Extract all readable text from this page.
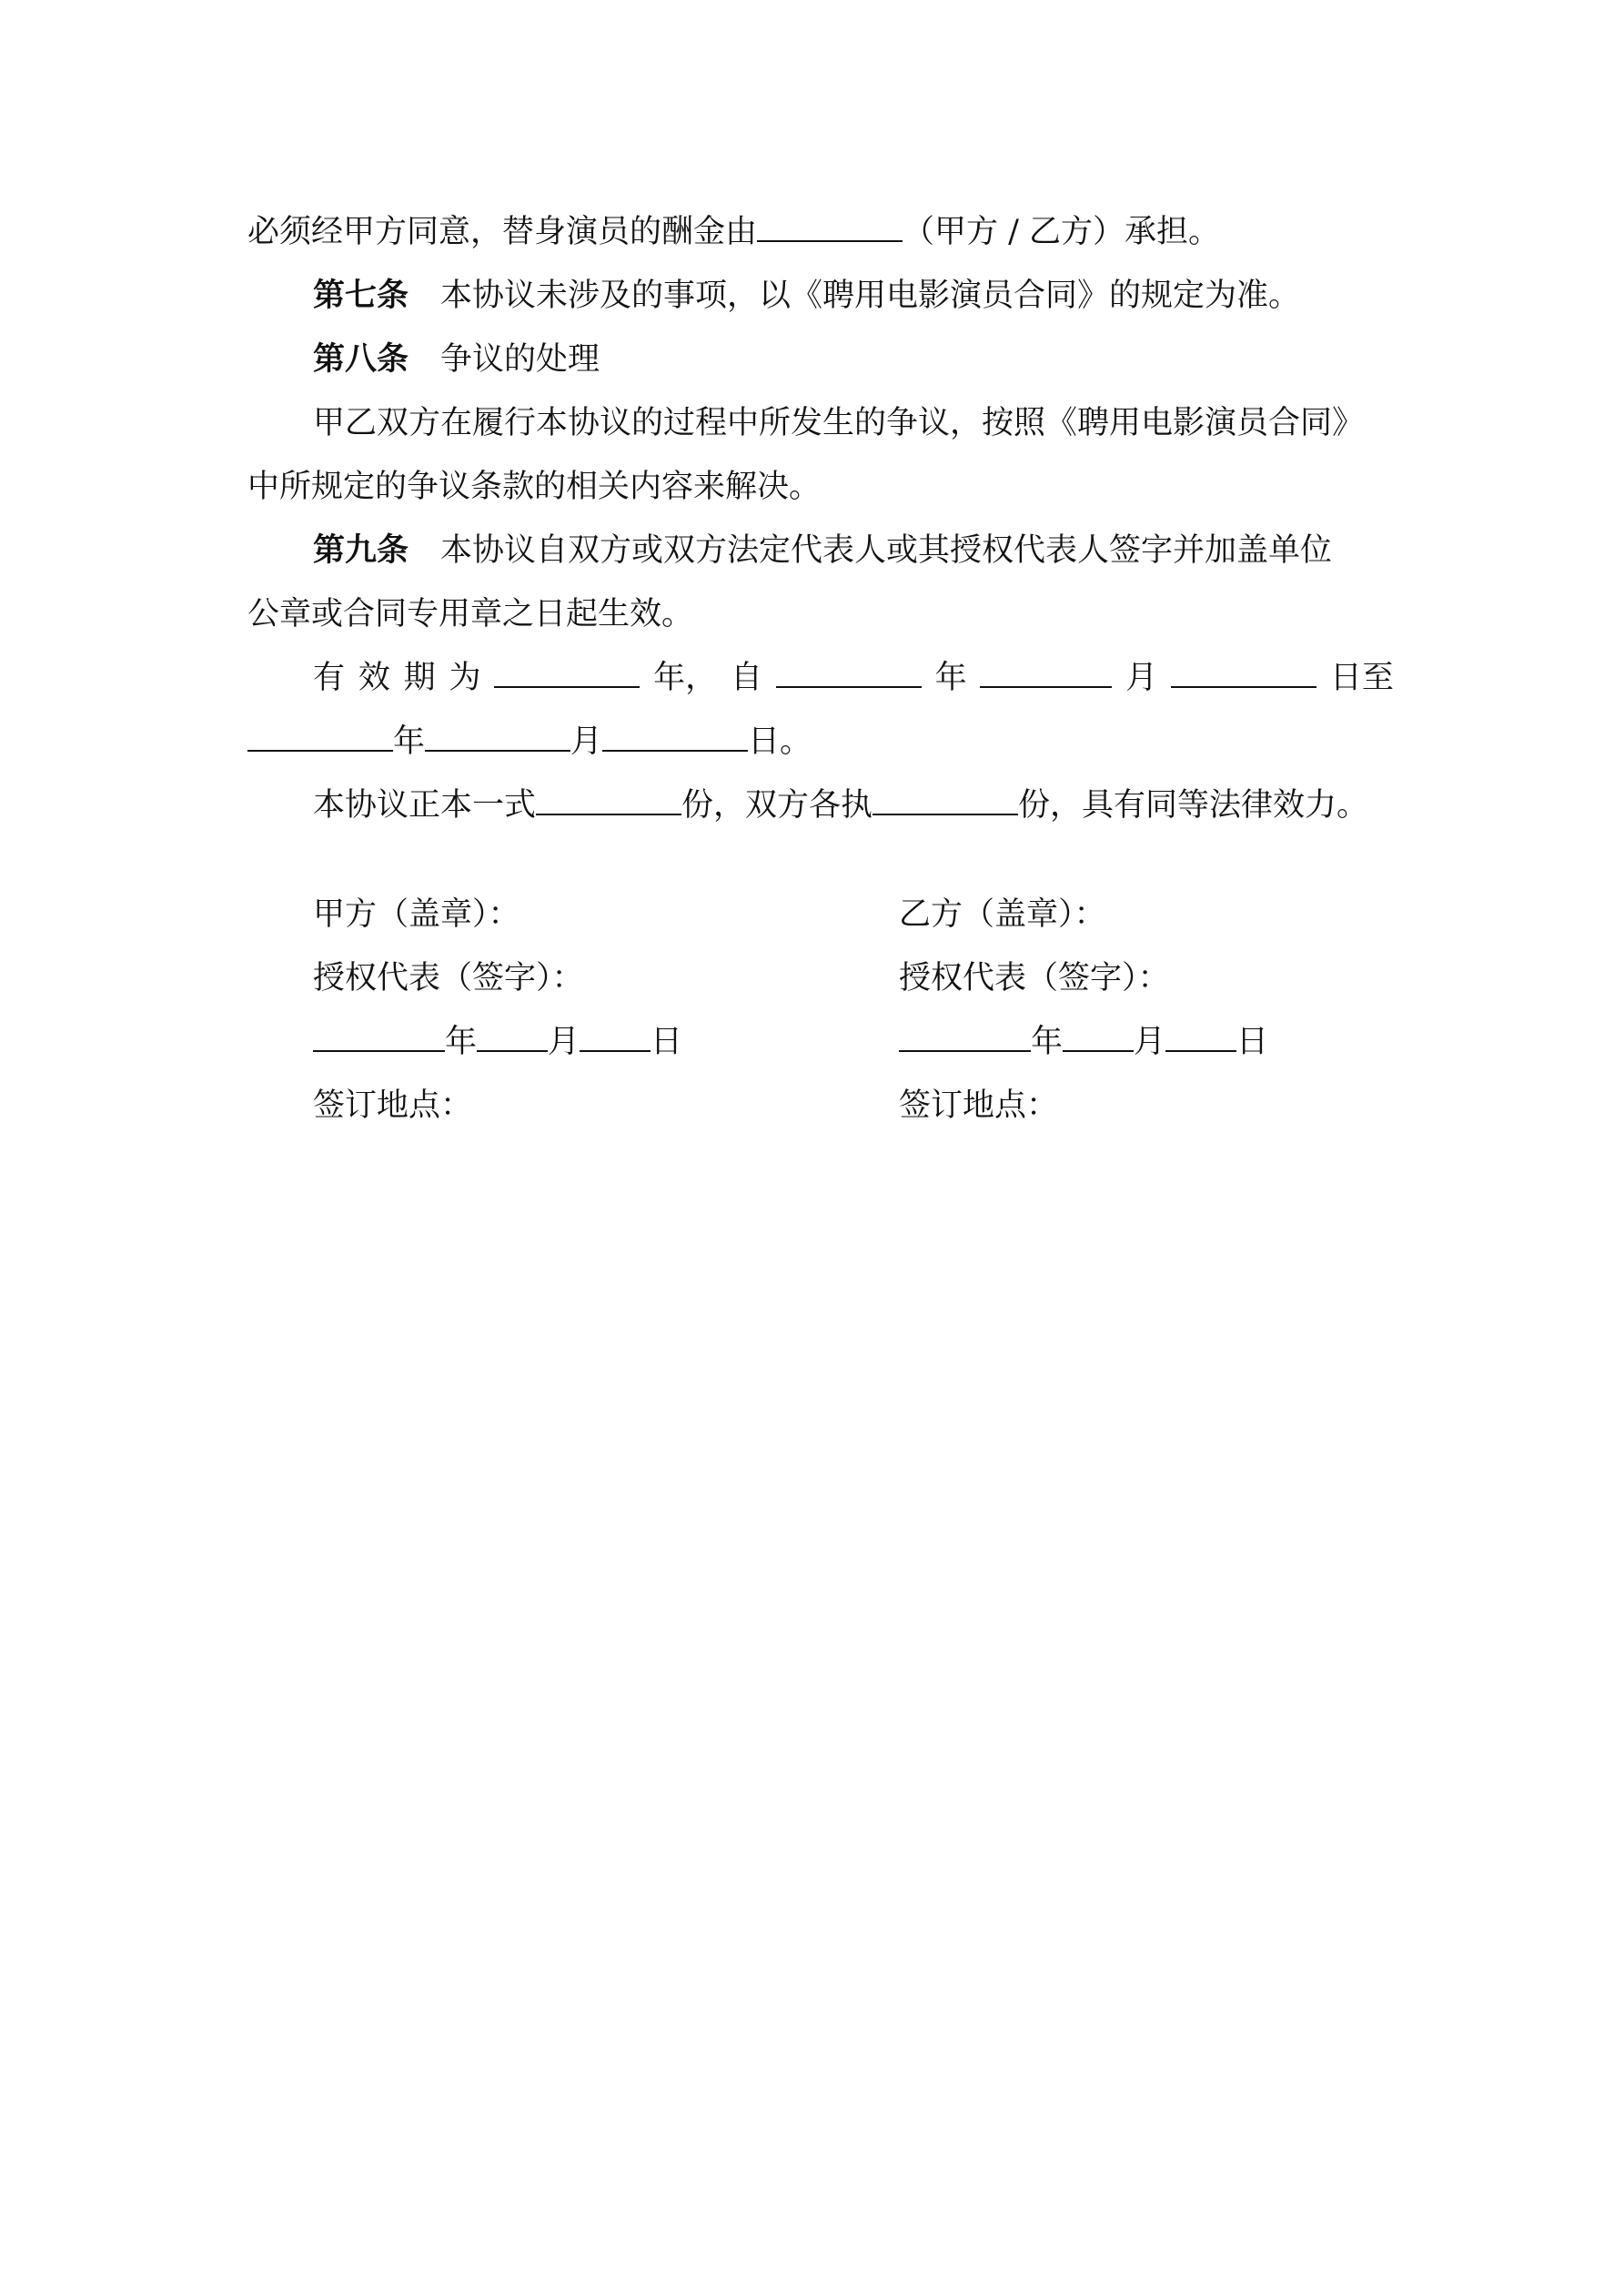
必须经甲方同意，替身演员的酬金由	（甲方 / 乙方）承担。
第七条　 本协议未涉及的事项，以《聘用电影演员合同》的规定为准。
第八条　 争议的处理
甲乙双方在履行本协议的过程中所发生的争议，按照《聘用电影演员合同》
中所规定的争议条款的相关内容来解决。
第九条　 本协议自双方或双方法定代表人或其授权代表人签字并加盖单位
公章或合同专用章之日起生效。
有 效 期 为	年， 自	年	月	日至
年	月	日。
本协议正本一式	份，双方各执	份，具有同等法律效力。
甲方（盖章）：
授权代表（签字）：
年 月 日
签订地点：
乙方（盖章）：
授权代表（签字）：
年 月 日
签订地点：
